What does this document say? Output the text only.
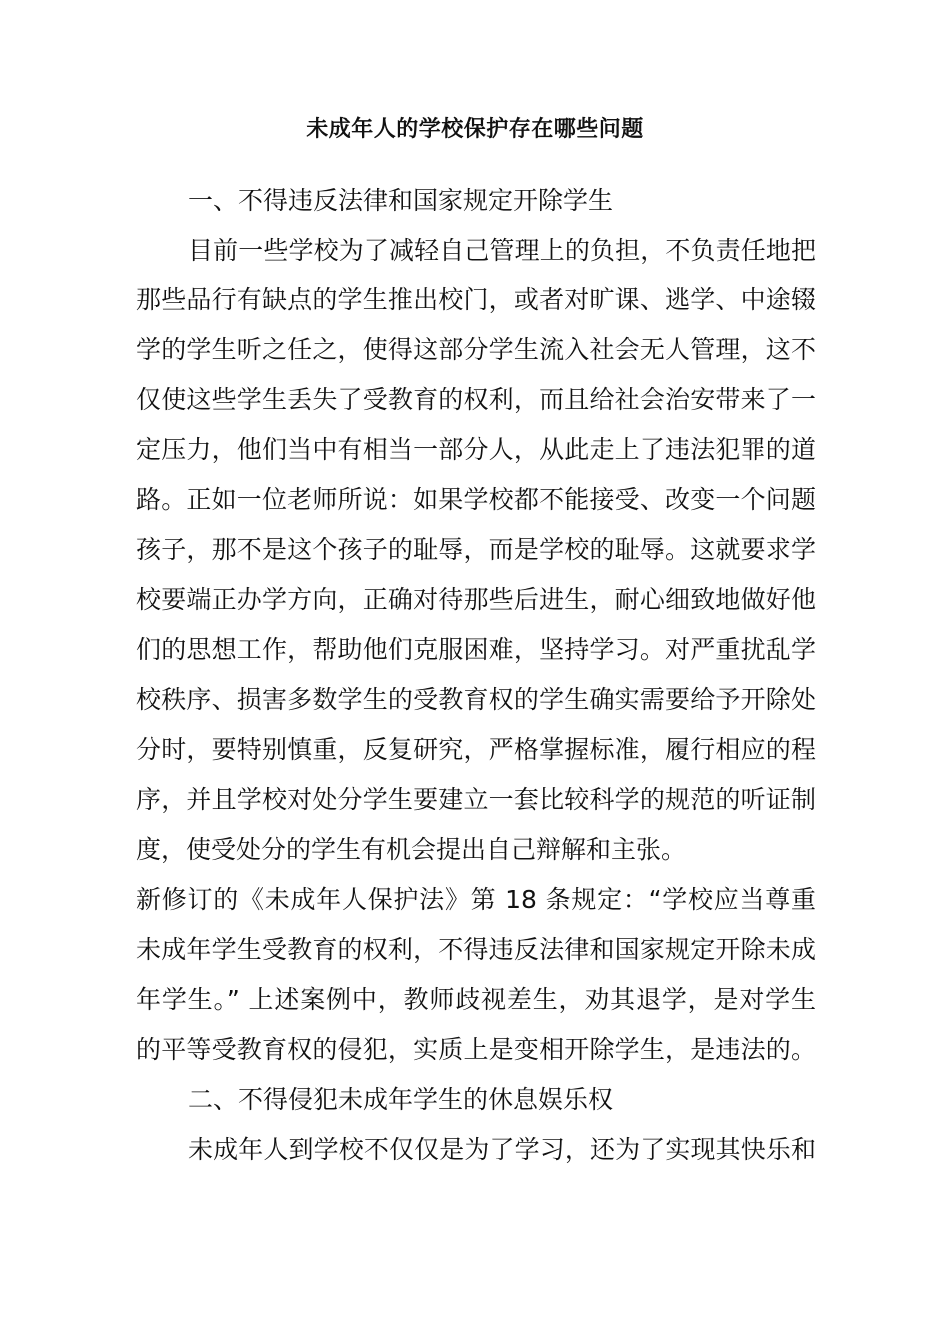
未成年人的学校保护存在哪些问题
一、不得违反法律和国家规定开除学生
目前一些学校为了减轻自己管理上的负担，不负责任地把
那些品行有缺点的学生推出校门，或者对旷课、逃学、中途辍
学的学生听之任之，使得这部分学生流入社会无人管理，这不
仅使这些学生丢失了受教育的权利，而且给社会治安带来了一
定压力，他们当中有相当一部分人，从此走上了违法犯罪的道
路。正如一位老师所说：如果学校都不能接受、改变一个问题
孩子，那不是这个孩子的耻辱，而是学校的耻辱。这就要求学
校要端正办学方向，正确对待那些后进生，耐心细致地做好他
们的思想工作，帮助他们克服困难，坚持学习。对严重扰乱学
校秩序、损害多数学生的受教育权的学生确实需要给予开除处
分时，要特别慎重，反复研究，严格掌握标准，履行相应的程
序，并且学校对处分学生要建立一套比较科学的规范的听证制
度，使受处分的学生有机会提出自己辩解和主张。
新修订的《未成年人保护法》第 18 条规定：“学校应当尊重
未成年学生受教育的权利，不得违反法律和国家规定开除未成
年学生。” 上述案例中，教师歧视差生，劝其退学，是对学生
的平等受教育权的侵犯，实质上是变相开除学生，是违法的。
二、不得侵犯未成年学生的休息娱乐权
未成年人到学校不仅仅是为了学习，还为了实现其快乐和
